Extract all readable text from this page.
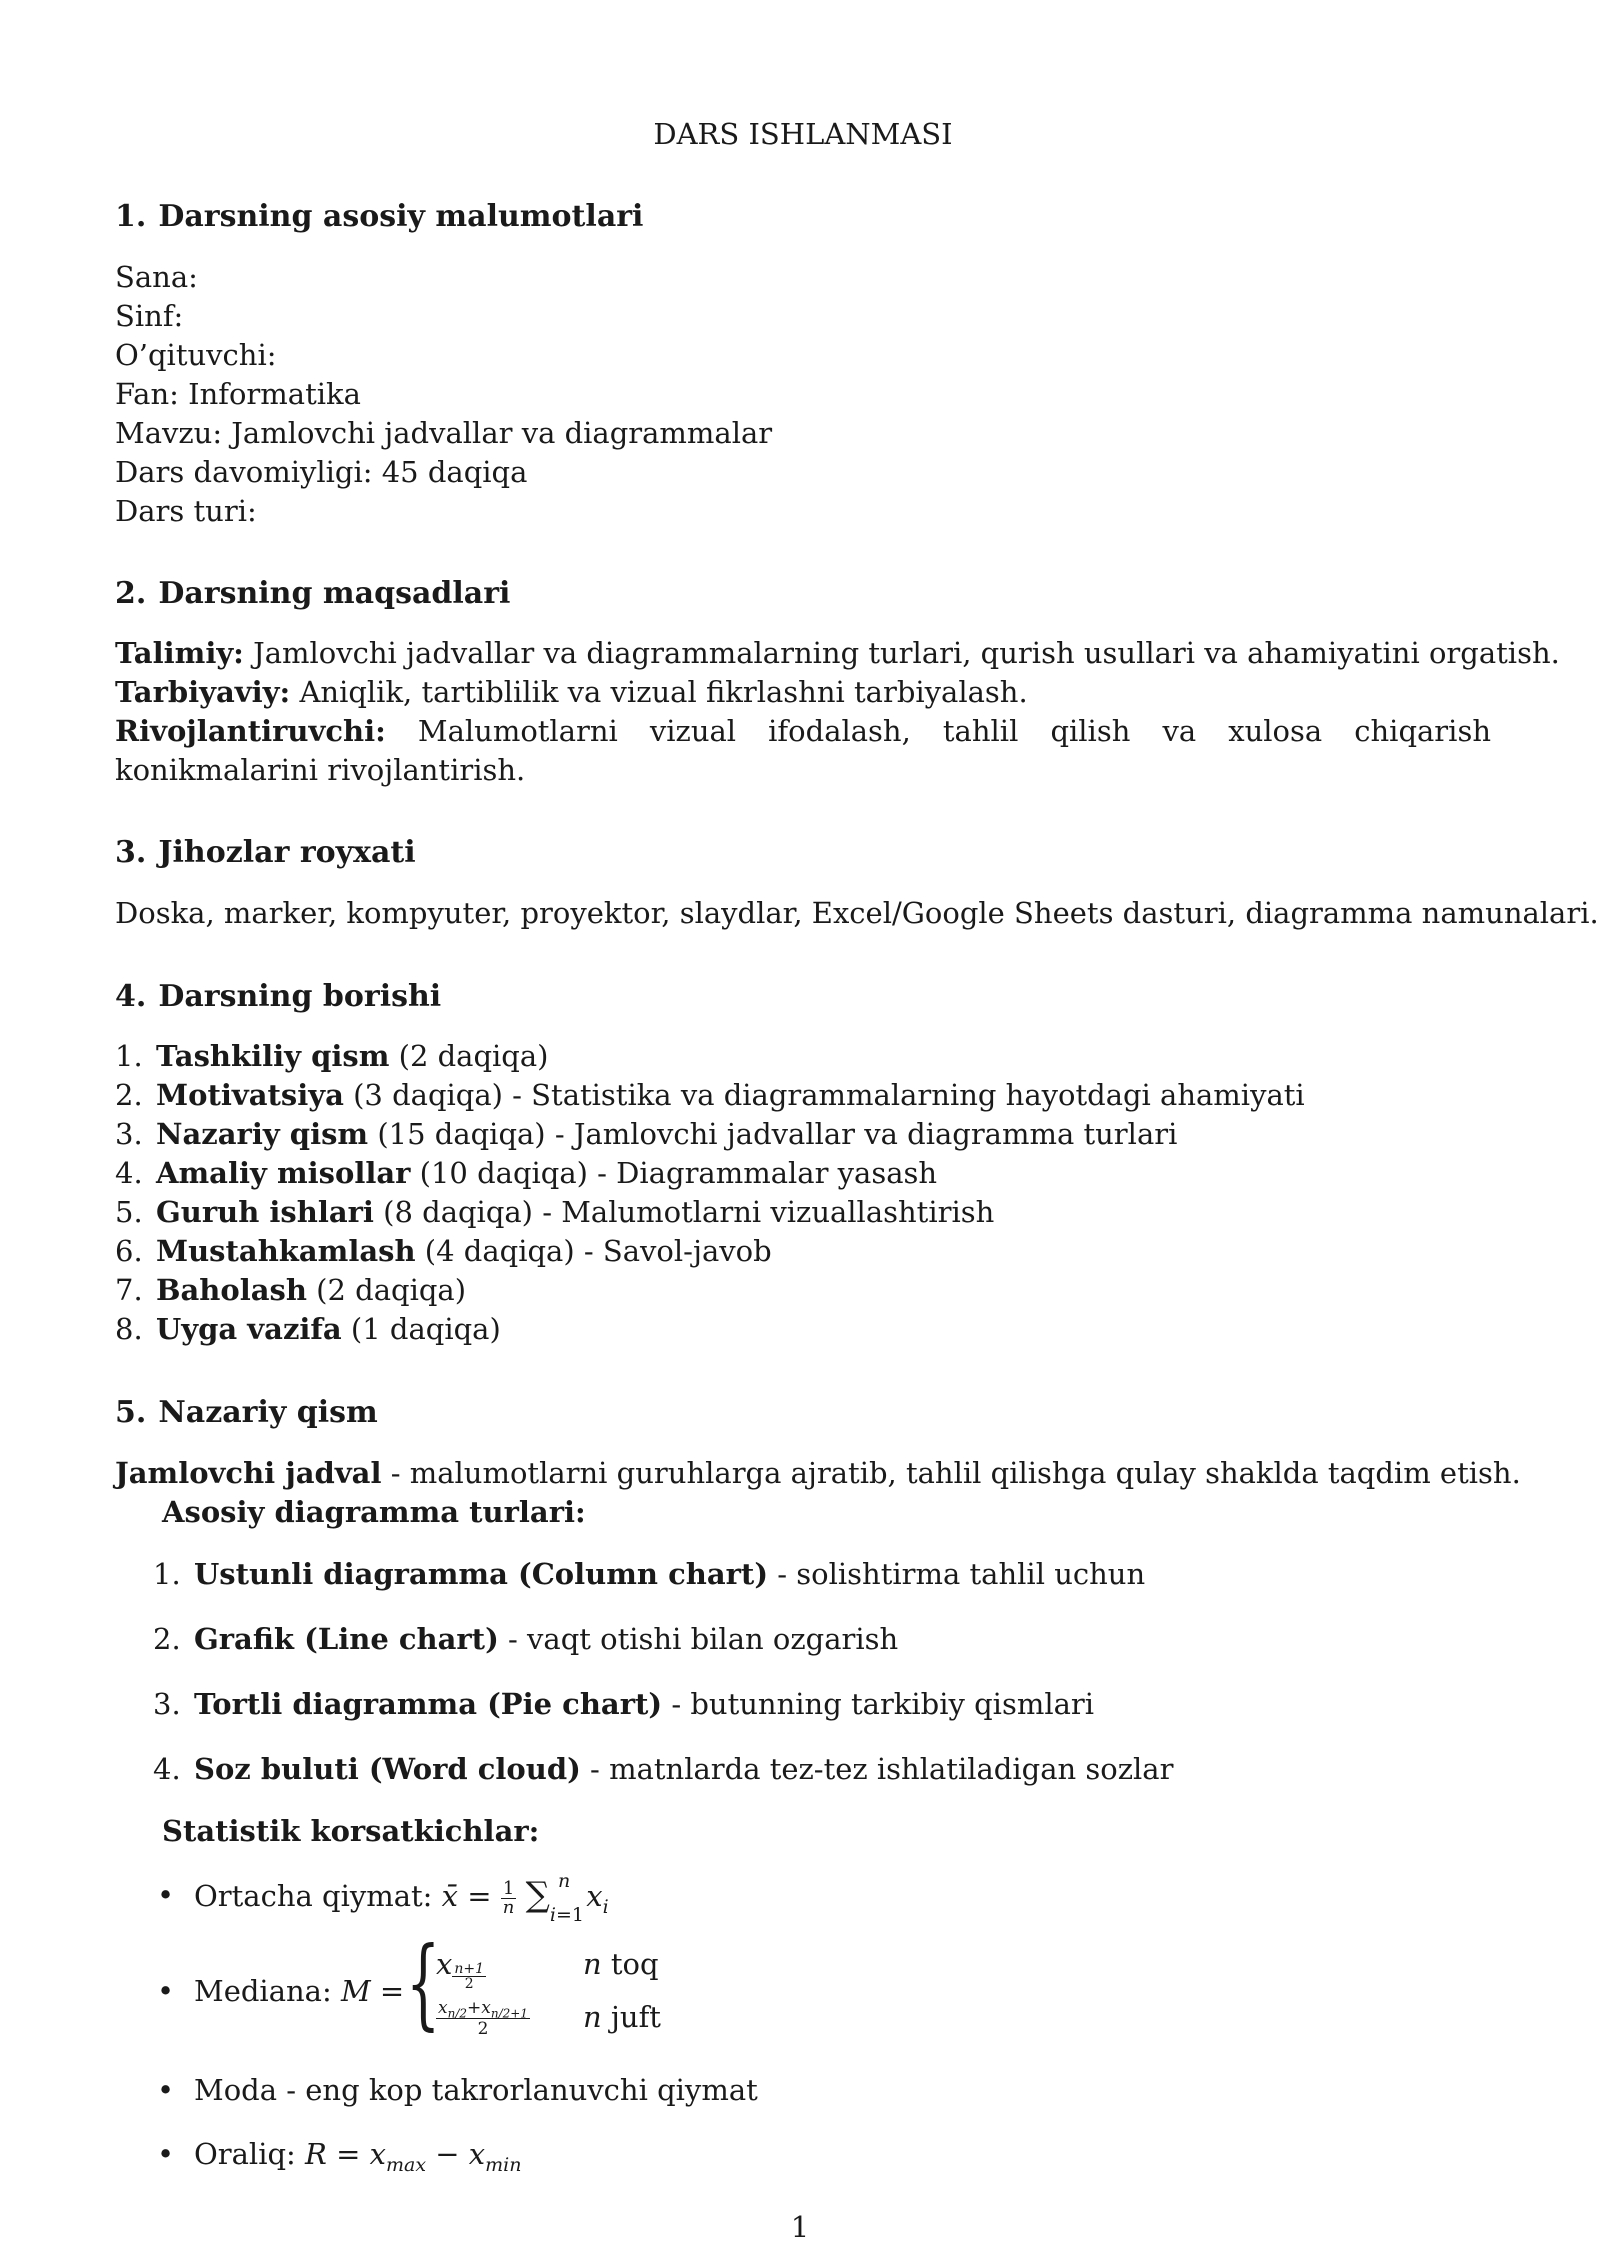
DARS ISHLANMASI
1. Darsning asosiy malumotlari
Sana:
Sinf:
O’qituvchi:
Fan: Informatika
Mavzu: Jamlovchi jadvallar va diagrammalar
Dars davomiyligi: 45 daqiqa
Dars turi:
2. Darsning maqsadlari
Talimiy: Jamlovchi jadvallar va diagrammalarning turlari, qurish usullari va ahamiyatini orgatish.
Tarbiyaviy: Aniqlik, tartiblilik va vizual fikrlashni tarbiyalash.
Rivojlantiruvchi: Malumotlarni vizual ifodalash, tahlil qilish va xulosa chiqarish konikmalarini rivojlantirish.
3. Jihozlar royxati
Doska, marker, kompyuter, proyektor, slaydlar, Excel/Google Sheets dasturi, diagramma namunalari.
4. Darsning borishi
1. Tashkiliy qism (2 daqiqa)
2. Motivatsiya (3 daqiqa) - Statistika va diagrammalarning hayotdagi ahamiyati
3. Nazariy qism (15 daqiqa) - Jamlovchi jadvallar va diagramma turlari
4. Amaliy misollar (10 daqiqa) - Diagrammalar yasash
5. Guruh ishlari (8 daqiqa) - Malumotlarni vizuallashtirish
6. Mustahkamlash (4 daqiqa) - Savol-javob
7. Baholash (2 daqiqa)
8. Uyga vazifa (1 daqiqa)
5. Nazariy qism
Jamlovchi jadval - malumotlarni guruhlarga ajratib, tahlil qilishga qulay shaklda taqdim etish.
Asosiy diagramma turlari:
1. Ustunli diagramma (Column chart) - solishtirma tahlil uchun
2. Grafik (Line chart) - vaqt otishi bilan ozgarish
3. Tortli diagramma (Pie chart) - butunning tarkibiy qismlari
4. Soz buluti (Word cloud) - matnlarda tez-tez ishlatiladigan sozlar
Statistik korsatkichlar:
• Ortacha qiymat: x̄ = $\frac{1}{n} \sum_{i=1}^n$ $x_i$
• Mediana: M = {
x $_{\frac{n+1}{2}}$
$\frac{x_{n/2}+x_{n/2+1}}{2}$
n toq
n juft
• Moda - eng kop takrorlanuvchi qiymat
• Oraliq: $R = x_{max} - x_{min}$
1
